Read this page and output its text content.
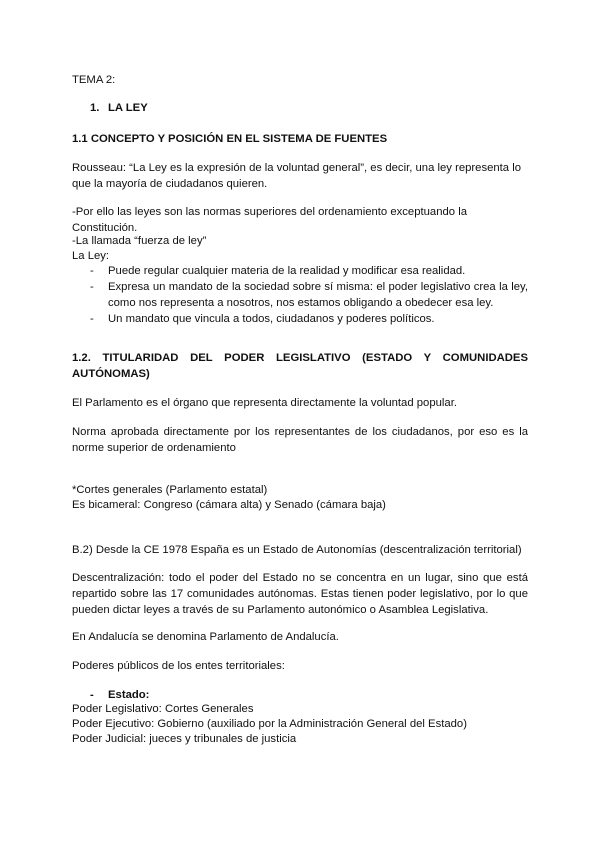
TEMA 2:

1. LA LEY

1.1 CONCEPTO Y POSICIÓN EN EL SISTEMA DE FUENTES

Rousseau: “La Ley es la expresión de la voluntad general”, es decir, una ley representa lo que la mayoría de ciudadanos quieren.

-Por ello las leyes son las normas superiores del ordenamiento exceptuando la Constitución.

-La llamada “fuerza de ley”

La Ley:

- Puede regular cualquier materia de la realidad y modificar esa realidad.
- Expresa un mandato de la sociedad sobre sí misma: el poder legislativo crea la ley, como nos representa a nosotros, nos estamos obligando a obedecer esa ley.
- Un mandato que vincula a todos, ciudadanos y poderes políticos.

1.2. TITULARIDAD DEL PODER LEGISLATIVO (ESTADO Y COMUNIDADES AUTÓNOMAS)

El Parlamento es el órgano que representa directamente la voluntad popular.

Norma aprobada directamente por los representantes de los ciudadanos, por eso es la norme superior de ordenamiento

*Cortes generales (Parlamento estatal)

Es bicameral: Congreso (cámara alta) y Senado (cámara baja)

B.2) Desde la CE 1978 España es un Estado de Autonomías (descentralización territorial)

Descentralización: todo el poder del Estado no se concentra en un lugar, sino que está repartido sobre las 17 comunidades autónomas. Estas tienen poder legislativo, por lo que pueden dictar leyes a través de su Parlamento autonómico o Asamblea Legislativa.

En Andalucía se denomina Parlamento de Andalucía.

Poderes públicos de los entes territoriales:

- Estado:

Poder Legislativo: Cortes Generales

Poder Ejecutivo: Gobierno (auxiliado por la Administración General del Estado)

Poder Judicial: jueces y tribunales de justicia
